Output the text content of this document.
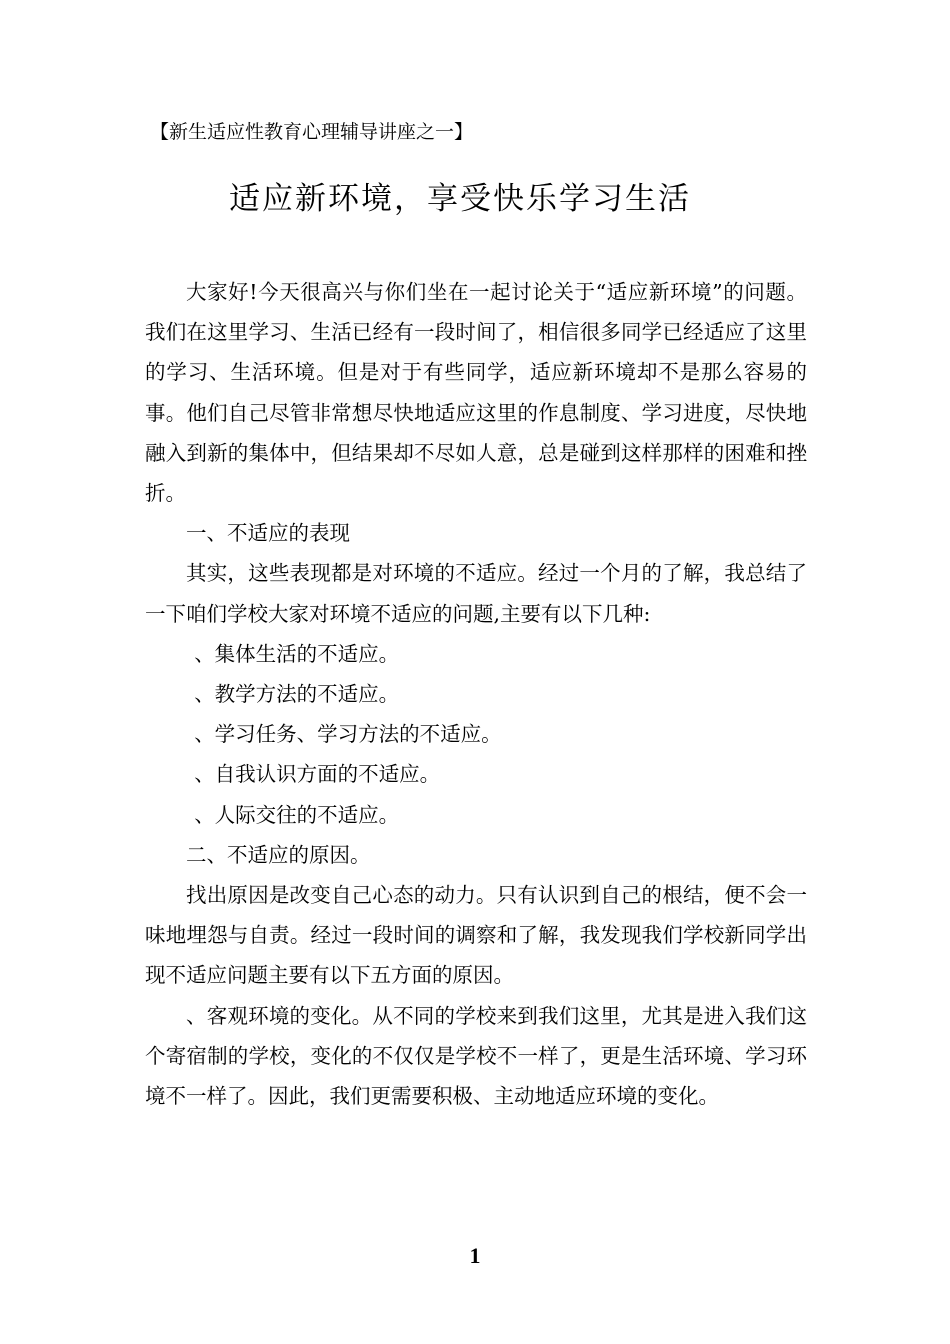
【新生适应性教育心理辅导讲座之一】
适应新环境，享受快乐学习生活

大家好!今天很高兴与你们坐在一起讨论关于“适应新环境”的问题。我们在这里学习、生活已经有一段时间了，相信很多同学已经适应了这里的学习、生活环境。但是对于有些同学，适应新环境却不是那么容易的事。他们自己尽管非常想尽快地适应这里的作息制度、学习进度，尽快地融入到新的集体中，但结果却不尽如人意，总是碰到这样那样的困难和挫折。

一、不适应的表现

其实，这些表现都是对环境的不适应。经过一个月的了解，我总结了一下咱们学校大家对环境不适应的问题,主要有以下几种:

、集体生活的不适应。

、教学方法的不适应。

、学习任务、学习方法的不适应。

、自我认识方面的不适应。

、人际交往的不适应。

二、不适应的原因。

找出原因是改变自己心态的动力。只有认识到自己的根结，便不会一味地埋怨与自责。经过一段时间的调察和了解，我发现我们学校新同学出现不适应问题主要有以下五方面的原因。

、客观环境的变化。从不同的学校来到我们这里，尤其是进入我们这个寄宿制的学校，变化的不仅仅是学校不一样了，更是生活环境、学习环境不一样了。因此，我们更需要积极、主动地适应环境的变化。

1
